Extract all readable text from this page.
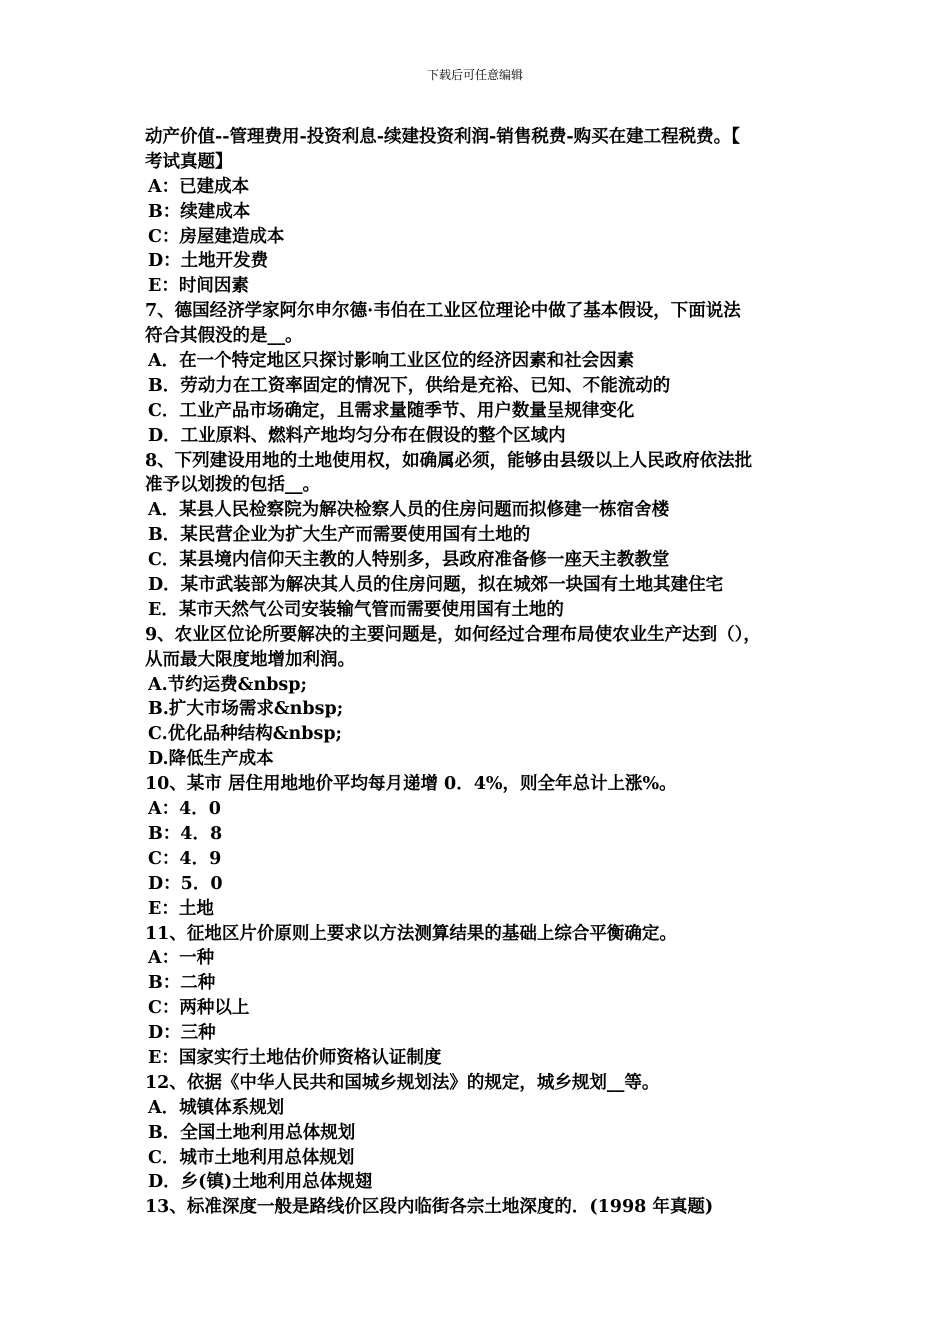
下载后可任意编辑
动产价值--管理费用-投资利息-续建投资利润-销售税费-购买在建工程税费。【
考试真题】
A：已建成本
B：续建成本
C：房屋建造成本
D：土地开发费
E：时间因素
7、德国经济学家阿尔申尔德·韦伯在工业区位理论中做了基本假设，下面说法
符合其假没的是__。
A．在一个特定地区只探讨影响工业区位的经济因素和社会因素
B．劳动力在工资率固定的情况下，供给是充裕、已知、不能流动的
C．工业产品市场确定，且需求量随季节、用户数量呈规律变化
D．工业原料、燃料产地均匀分布在假设的整个区域内
8、下列建设用地的土地使用权，如确属必须，能够由县级以上人民政府依法批
准予以划拨的包括__。
A．某县人民检察院为解决检察人员的住房问题而拟修建一栋宿舍楼
B．某民营企业为扩大生产而需要使用国有土地的
C．某县境内信仰天主教的人特别多，县政府准备修一座天主教教堂
D．某市武装部为解决其人员的住房问题，拟在城郊一块国有土地其建住宅
E．某市天然气公司安装输气管而需要使用国有土地的
9、农业区位论所要解决的主要问题是，如何经过合理布局使农业生产达到（），
从而最大限度地增加利润。
A.节约运费&nbsp;
B.扩大市场需求&nbsp;
C.优化品种结构&nbsp;
D.降低生产成本
10、某市 居住用地地价平均每月递增 0．4%，则全年总计上涨%。
A：4．0
B：4．8
C：4．9
D：5．0
E：土地
11、征地区片价原则上要求以方法测算结果的基础上综合平衡确定。
A：一种
B：二种
C：两种以上
D：三种
E：国家实行土地估价师资格认证制度
12、依据《中华人民共和国城乡规划法》的规定，城乡规划__等。
A．城镇体系规划
B．全国土地利用总体规划
C．城市土地利用总体规划
D．乡(镇)土地利用总体规翅
13、标准深度一般是路线价区段内临街各宗土地深度的．(1998 年真题)
